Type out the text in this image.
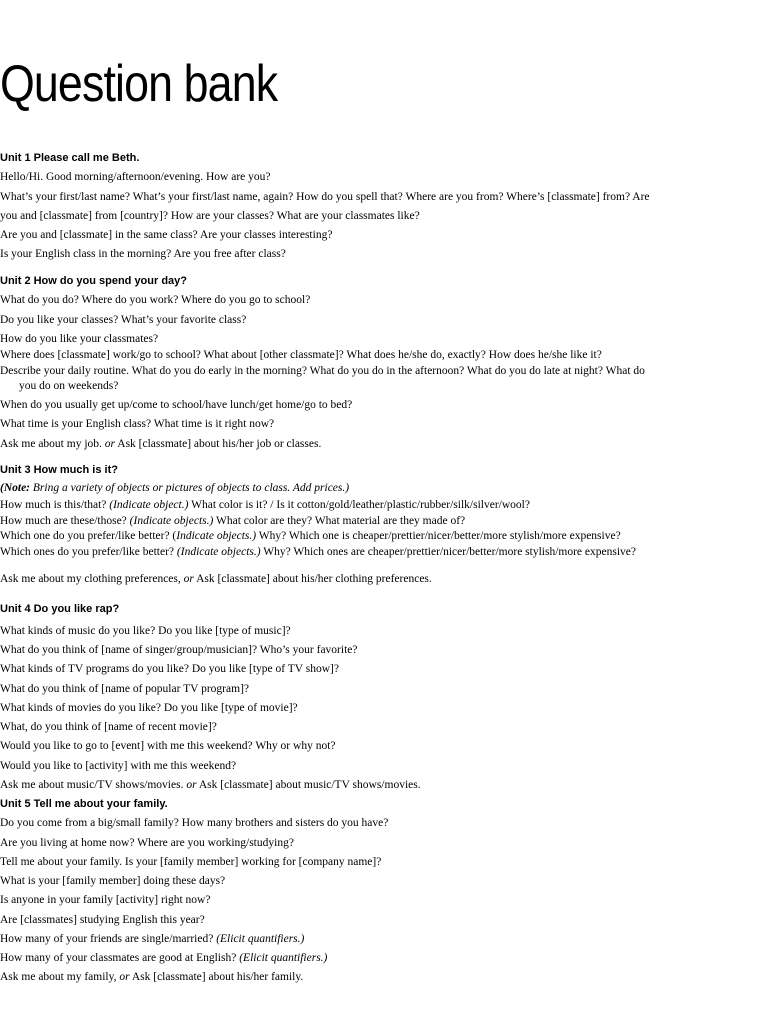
Question bank
Unit 1 Please call me Beth.
Hello/Hi. Good morning/afternoon/evening. How are you?
What’s your first/last name? What’s your first/last name, again? How do you spell that? Where are you from? Where’s [classmate] from? Are
you and [classmate] from [country]? How are your classes? What are your classmates like?
Are you and [classmate] in the same class? Are your classes interesting?
Is your English class in the morning? Are you free after class?
Unit 2 How do you spend your day?
What do you do? Where do you work? Where do you go to school?
Do you like your classes? What’s your favorite class?
How do you like your classmates?
Where does [classmate] work/go to school? What about [other classmate]? What does he/she do, exactly? How does he/she like it?
Describe your daily routine. What do you do early in the morning? What do you do in the afternoon? What do you do late at night? What do
you do on weekends?
When do you usually get up/come to school/have lunch/get home/go to bed?
What time is your English class? What time is it right now?
Ask me about my job. or Ask [classmate] about his/her job or classes.
Unit 3 How much is it?
(Note: Bring a variety of objects or pictures of objects to class. Add prices.)
How much is this/that? (Indicate object.) What color is it? / Is it cotton/gold/leather/plastic/rubber/silk/silver/wool?
How much are these/those? (Indicate objects.) What color are they? What material are they made of?
Which one do you prefer/like better? (Indicate objects.) Why? Which one is cheaper/prettier/nicer/better/more stylish/more expensive?
Which ones do you prefer/like better? (Indicate objects.) Why? Which ones are cheaper/prettier/nicer/better/more stylish/more expensive?
Ask me about my clothing preferences, or Ask [classmate] about his/her clothing preferences.
Unit 4 Do you like rap?
What kinds of music do you like? Do you like [type of music]?
What do you think of [name of singer/group/musician]? Who’s your favorite?
What kinds of TV programs do you like? Do you like [type of TV show]?
What do you think of [name of popular TV program]?
What kinds of movies do you like? Do you like [type of movie]?
What, do you think of [name of recent movie]?
Would you like to go to [event] with me this weekend? Why or why not?
Would you like to [activity] with me this weekend?
Ask me about music/TV shows/movies. or Ask [classmate] about music/TV shows/movies.
Unit 5 Tell me about your family.
Do you come from a big/small family? How many brothers and sisters do you have?
Are you living at home now? Where are you working/studying?
Tell me about your family. Is your [family member] working for [company name]?
What is your [family member] doing these days?
Is anyone in your family [activity] right now?
Are [classmates] studying English this year?
How many of your friends are single/married? (Elicit quantifiers.)
How many of your classmates are good at English? (Elicit quantifiers.)
Ask me about my family, or Ask [classmate] about his/her family.
